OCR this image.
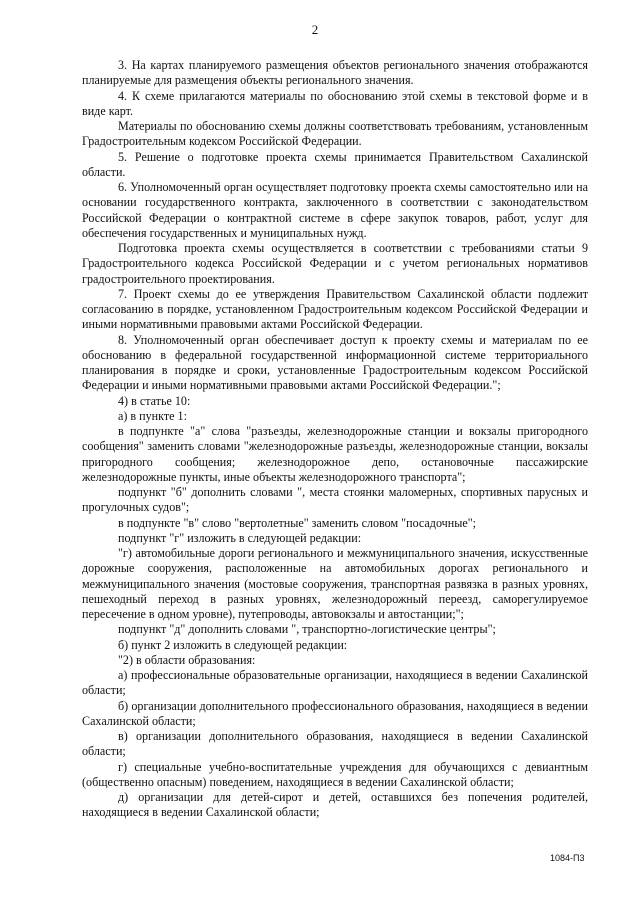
2

3. На картах планируемого размещения объектов регионального значения отображаются планируемые для размещения объекты регионального значения.

4. К схеме прилагаются материалы по обоснованию этой схемы в текстовой форме и в виде карт.

Материалы по обоснованию схемы должны соответствовать требованиям, установленным Градостроительным кодексом Российской Федерации.

5. Решение о подготовке проекта схемы принимается Правительством Сахалинской области.

6. Уполномоченный орган осуществляет подготовку проекта схемы самостоятельно или на основании государственного контракта, заключенного в соответствии с законодательством Российской Федерации о контрактной системе в сфере закупок товаров, работ, услуг для обеспечения государственных и муниципальных нужд.

Подготовка проекта схемы осуществляется в соответствии с требованиями статьи 9 Градостроительного кодекса Российской Федерации и с учетом региональных нормативов градостроительного проектирования.

7. Проект схемы до ее утверждения Правительством Сахалинской области подлежит согласованию в порядке, установленном Градостроительным кодексом Российской Федерации и иными нормативными правовыми актами Российской Федерации.

8. Уполномоченный орган обеспечивает доступ к проекту схемы и материалам по ее обоснованию в федеральной государственной информационной системе территориального планирования в порядке и сроки, установленные Градостроительным кодексом Российской Федерации и иными нормативными правовыми актами Российской Федерации.";

4) в статье 10:

а) в пункте 1:

в подпункте "а" слова "разъезды, железнодорожные станции и вокзалы пригородного сообщения" заменить словами "железнодорожные разъезды, железнодорожные станции, вокзалы пригородного сообщения; железнодорожное депо, остановочные пассажирские железнодорожные пункты, иные объекты железнодорожного транспорта";

подпункт "б" дополнить словами ", места стоянки маломерных, спортивных парусных и прогулочных судов";

в подпункте "в" слово "вертолетные" заменить словом "посадочные";

подпункт "г" изложить в следующей редакции:

"г) автомобильные дороги регионального и межмуниципального значения, искусственные дорожные сооружения, расположенные на автомобильных дорогах регионального и межмуниципального значения (мостовые сооружения, транспортная развязка в разных уровнях, пешеходный переход в разных уровнях, железнодорожный переезд, саморегулируемое пересечение в одном уровне), путепроводы, автовокзалы и автостанции;";

подпункт "д" дополнить словами ", транспортно-логистические центры";

б) пункт 2 изложить в следующей редакции:

"2) в области образования:

а) профессиональные образовательные организации, находящиеся в ведении Сахалинской области;

б) организации дополнительного профессионального образования, находящиеся в ведении Сахалинской области;

в) организации дополнительного образования, находящиеся в ведении Сахалинской области;

г) специальные учебно-воспитательные учреждения для обучающихся с девиантным (общественно опасным) поведением, находящиеся в ведении Сахалинской области;

д) организации для детей-сирот и детей, оставшихся без попечения родителей, находящиеся в ведении Сахалинской области;

1084-П3
